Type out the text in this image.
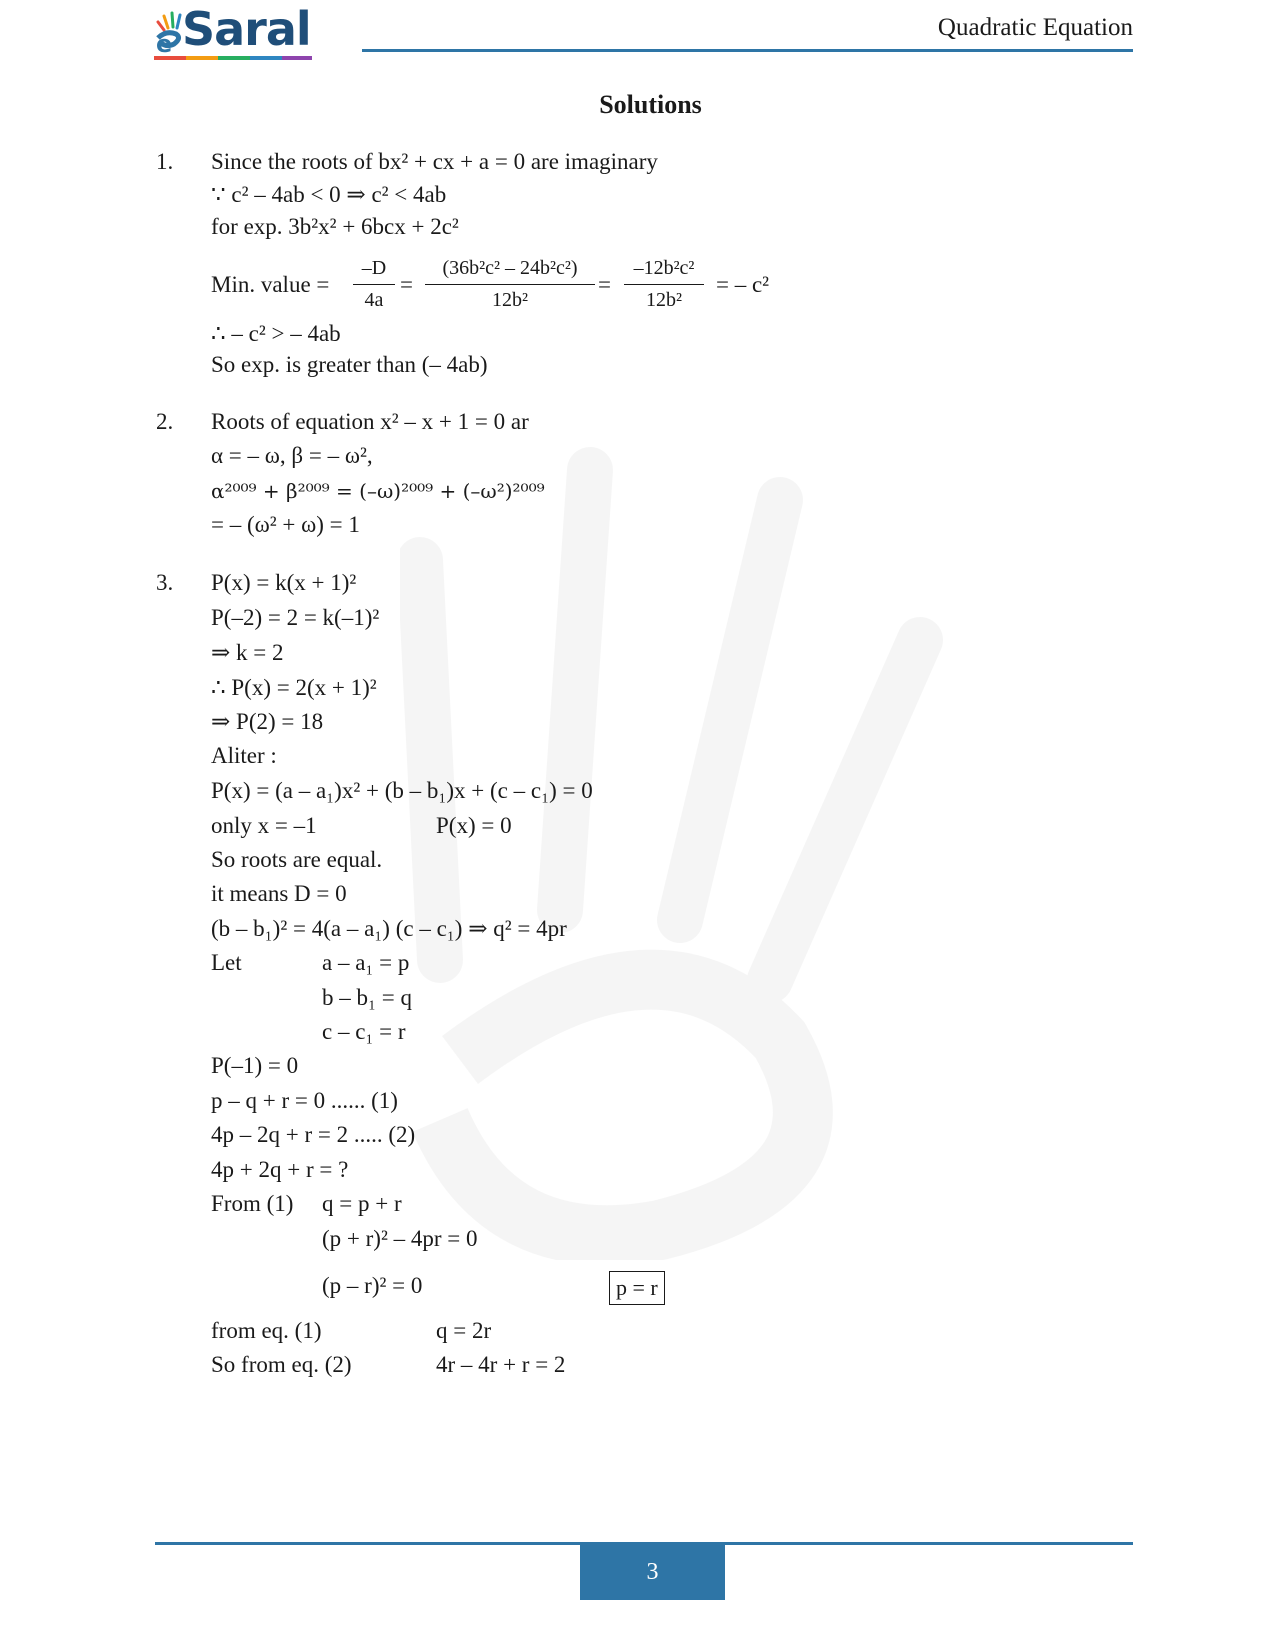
e Saral	Quadratic Equation
Solutions
1. Since the roots of bx² + cx + a = 0 are imaginary
∵ c² – 4ab < 0 ⇒ c² < 4ab
for exp. 3b²x² + 6bcx + 2c²
Min. value = $\frac{-D}{4a} = \frac{\text{(36b²c² – 24b²c²)}}{\text{12b²}} = \frac{\text{–12b²c²}}{\text{12b²}}$ = – c²
∴ – c² > – 4ab
So exp. is greater than (– 4ab)
2. Roots of equation x² – x + 1 = 0 ar
α = – ω, β = – ω²,
α²⁰⁰⁹ + β²⁰⁰⁹ = (–ω)²⁰⁰⁹ + (–ω²)²⁰⁰⁹
= – (ω² + ω) = 1
3. P(x) = k(x + 1)²
P(–2) = 2 = k(–1)²
⇒ k = 2
∴ P(x) = 2(x + 1)²
⇒ P(2) = 18
Aliter :
P(x) = (a – a₁)x² + (b – b₁)x + (c – c₁) = 0
only x = –1	P(x) = 0
So roots are equal.
it means D = 0
(b – b₁)² = 4(a – a₁) (c – c₁) ⇒ q² = 4pr
Let	a – a₁ = p
b – b₁ = q
c – c₁ = r
P(–1) = 0
p – q + r = 0 ...... (1)
4p – 2q + r = 2 ..... (2)
4p + 2q + r = ?
From (1) q = p + r
(p + r)² – 4pr = 0
(p – r)² = 0	p = r
from eq. (1)	q = 2r
So from eq. (2)	4r – 4r + r = 2
3
